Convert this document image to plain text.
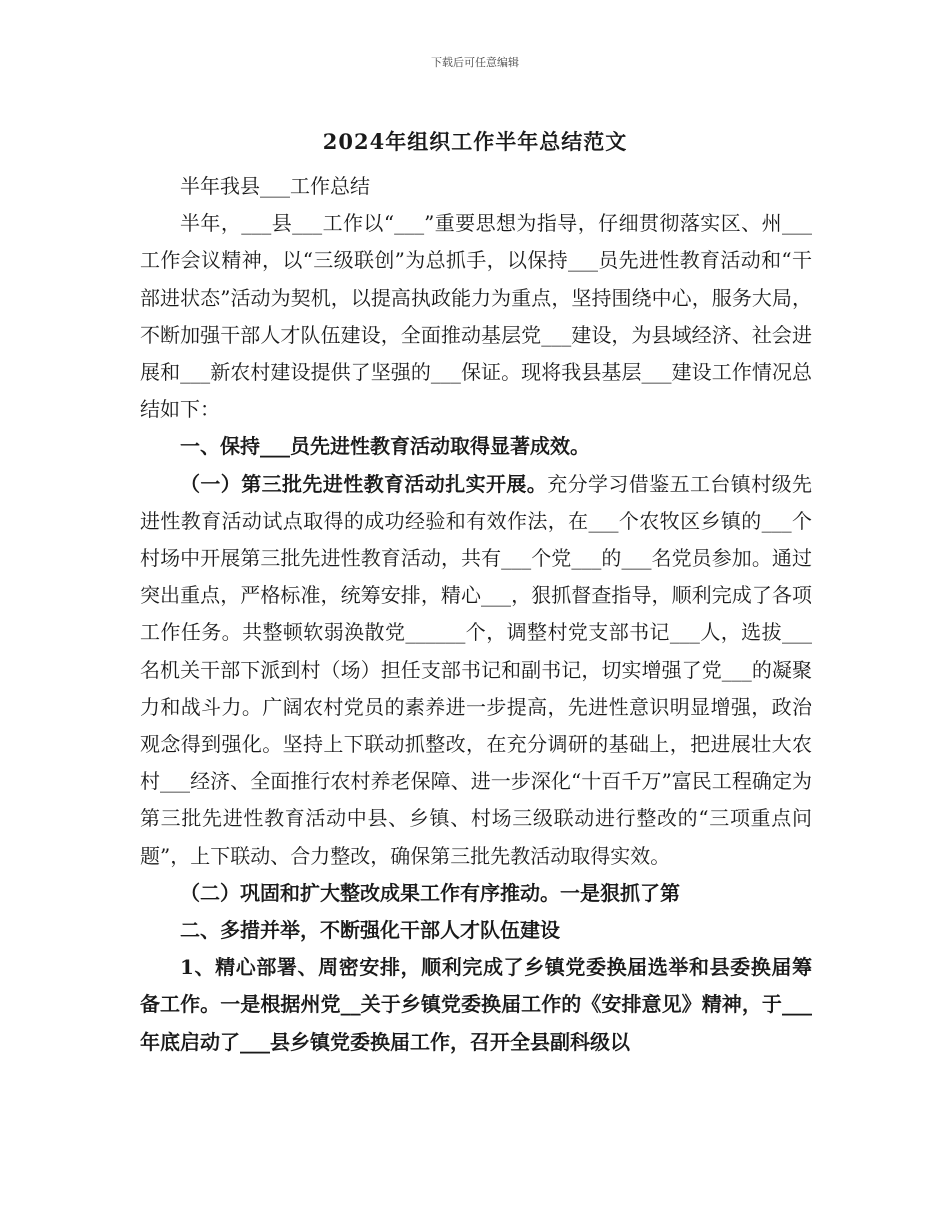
下载后可任意编辑
2024年组织工作半年总结范文

半年我县___工作总结

半年，___县___工作以“___”重要思想为指导，仔细贯彻落实区、州___工作会议精神，以“三级联创”为总抓手，以保持___员先进性教育活动和“干部进状态”活动为契机，以提高执政能力为重点，坚持围绕中心，服务大局，不断加强干部人才队伍建设，全面推动基层党___建设，为县域经济、社会进展和___新农村建设提供了坚强的___保证。现将我县基层___建设工作情况总结如下：

一、保持___员先进性教育活动取得显著成效。

（一）第三批先进性教育活动扎实开展。充分学习借鉴五工台镇村级先进性教育活动试点取得的成功经验和有效作法，在___个农牧区乡镇的___个村场中开展第三批先进性教育活动，共有___个党___的___名党员参加。通过突出重点，严格标准，统筹安排，精心___，狠抓督查指导，顺利完成了各项工作任务。共整顿软弱涣散党______个，调整村党支部书记___人，选拔___名机关干部下派到村（场）担任支部书记和副书记，切实增强了党___的凝聚力和战斗力。广阔农村党员的素养进一步提高，先进性意识明显增强，政治观念得到强化。坚持上下联动抓整改，在充分调研的基础上，把进展壮大农村___经济、全面推行农村养老保障、进一步深化“十百千万”富民工程确定为第三批先进性教育活动中县、乡镇、村场三级联动进行整改的“三项重点问题”，上下联动、合力整改，确保第三批先教活动取得实效。

（二）巩固和扩大整改成果工作有序推动。一是狠抓了第

二、多措并举，不断强化干部人才队伍建设

1、精心部署、周密安排，顺利完成了乡镇党委换届选举和县委换届筹备工作。一是根据州党__关于乡镇党委换届工作的《安排意见》精神，于___年底启动了___县乡镇党委换届工作，召开全县副科级以
